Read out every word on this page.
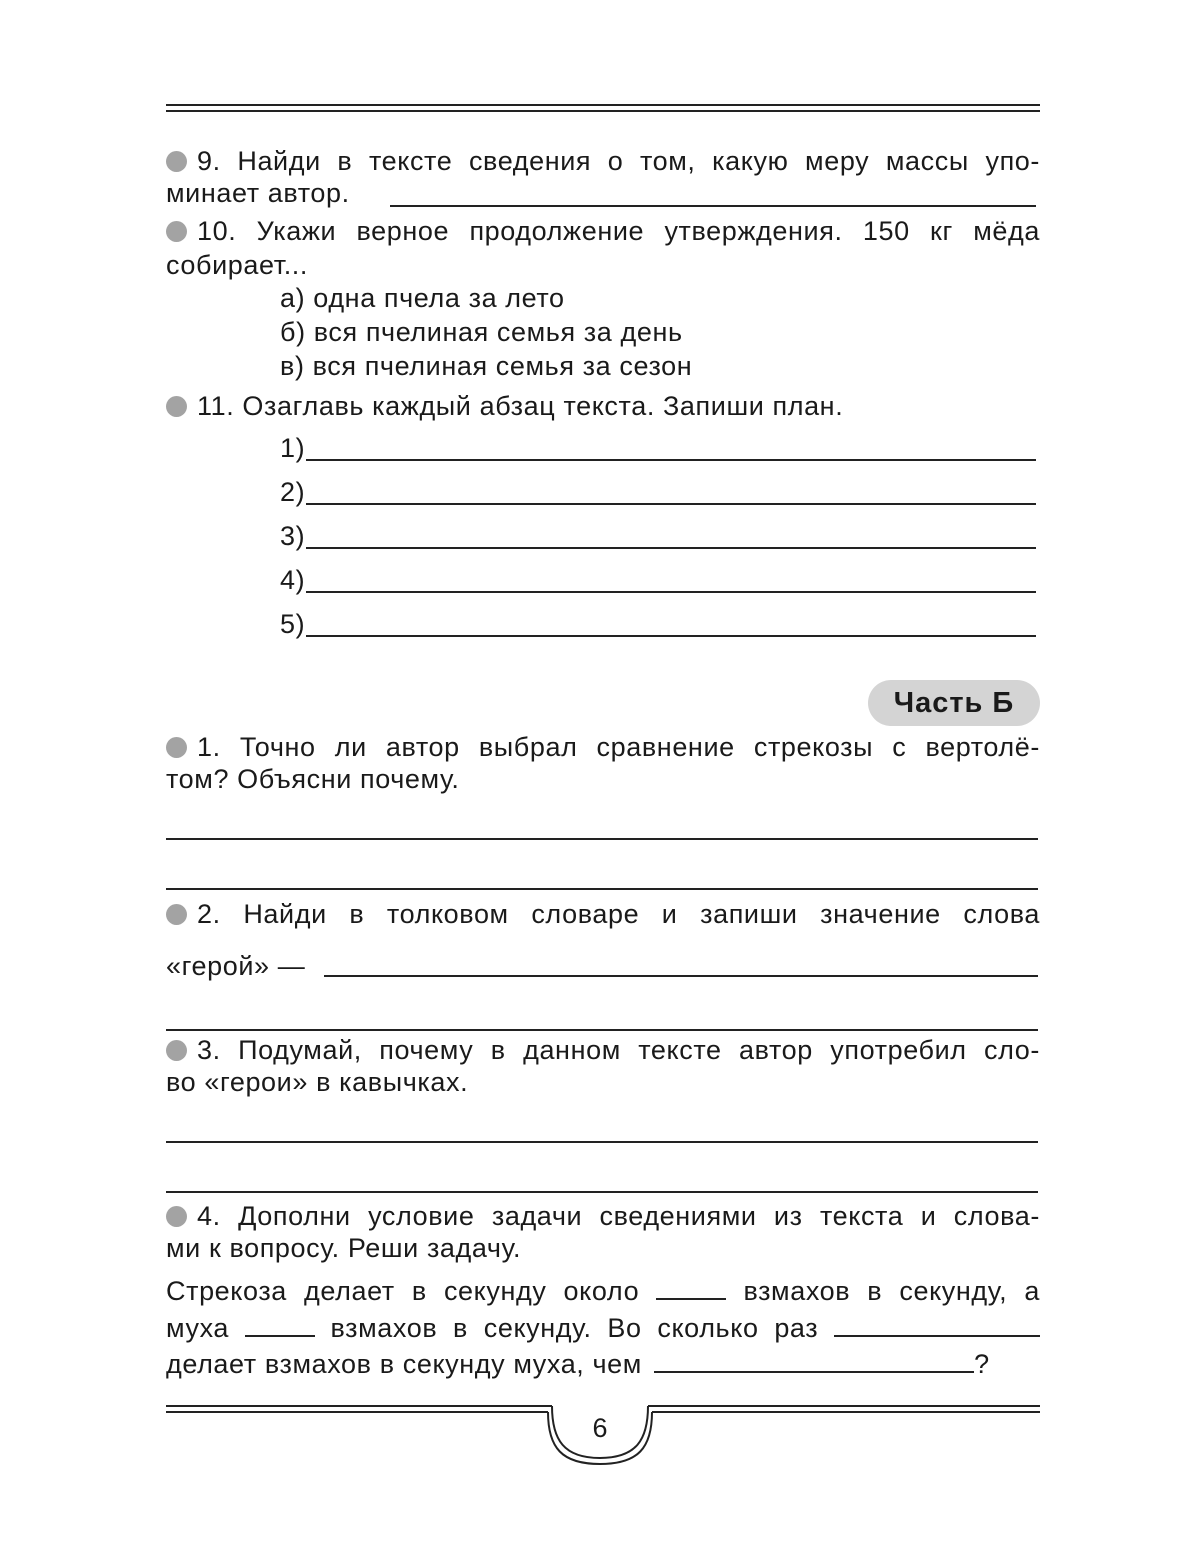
9. Найди в тексте сведения о том, какую меру массы упо-
минает автор.
10. Укажи верное продолжение утверждения. 150 кг мёда
собирает...
а) одна пчела за лето
б) вся пчелиная семья за день
в) вся пчелиная семья за сезон
11. Озаглавь каждый абзац текста. Запиши план.
1)
2)
3)
4)
5)
Часть Б
1. Точно ли автор выбрал сравнение стрекозы с вертолё-
том? Объясни почему.
2. Найди в толковом словаре и запиши значение слова
«герой» —
3. Подумай, почему в данном тексте автор употребил сло-
во «герои» в кавычках.
4. Дополни условие задачи сведениями из текста и слова-
ми к вопросу. Реши задачу.
Стрекоза делает в секунду около	взмахов в секунду, а
муха	взмахов в секунду. Во сколько раз
делает взмахов в секунду муха, чем	?
6
